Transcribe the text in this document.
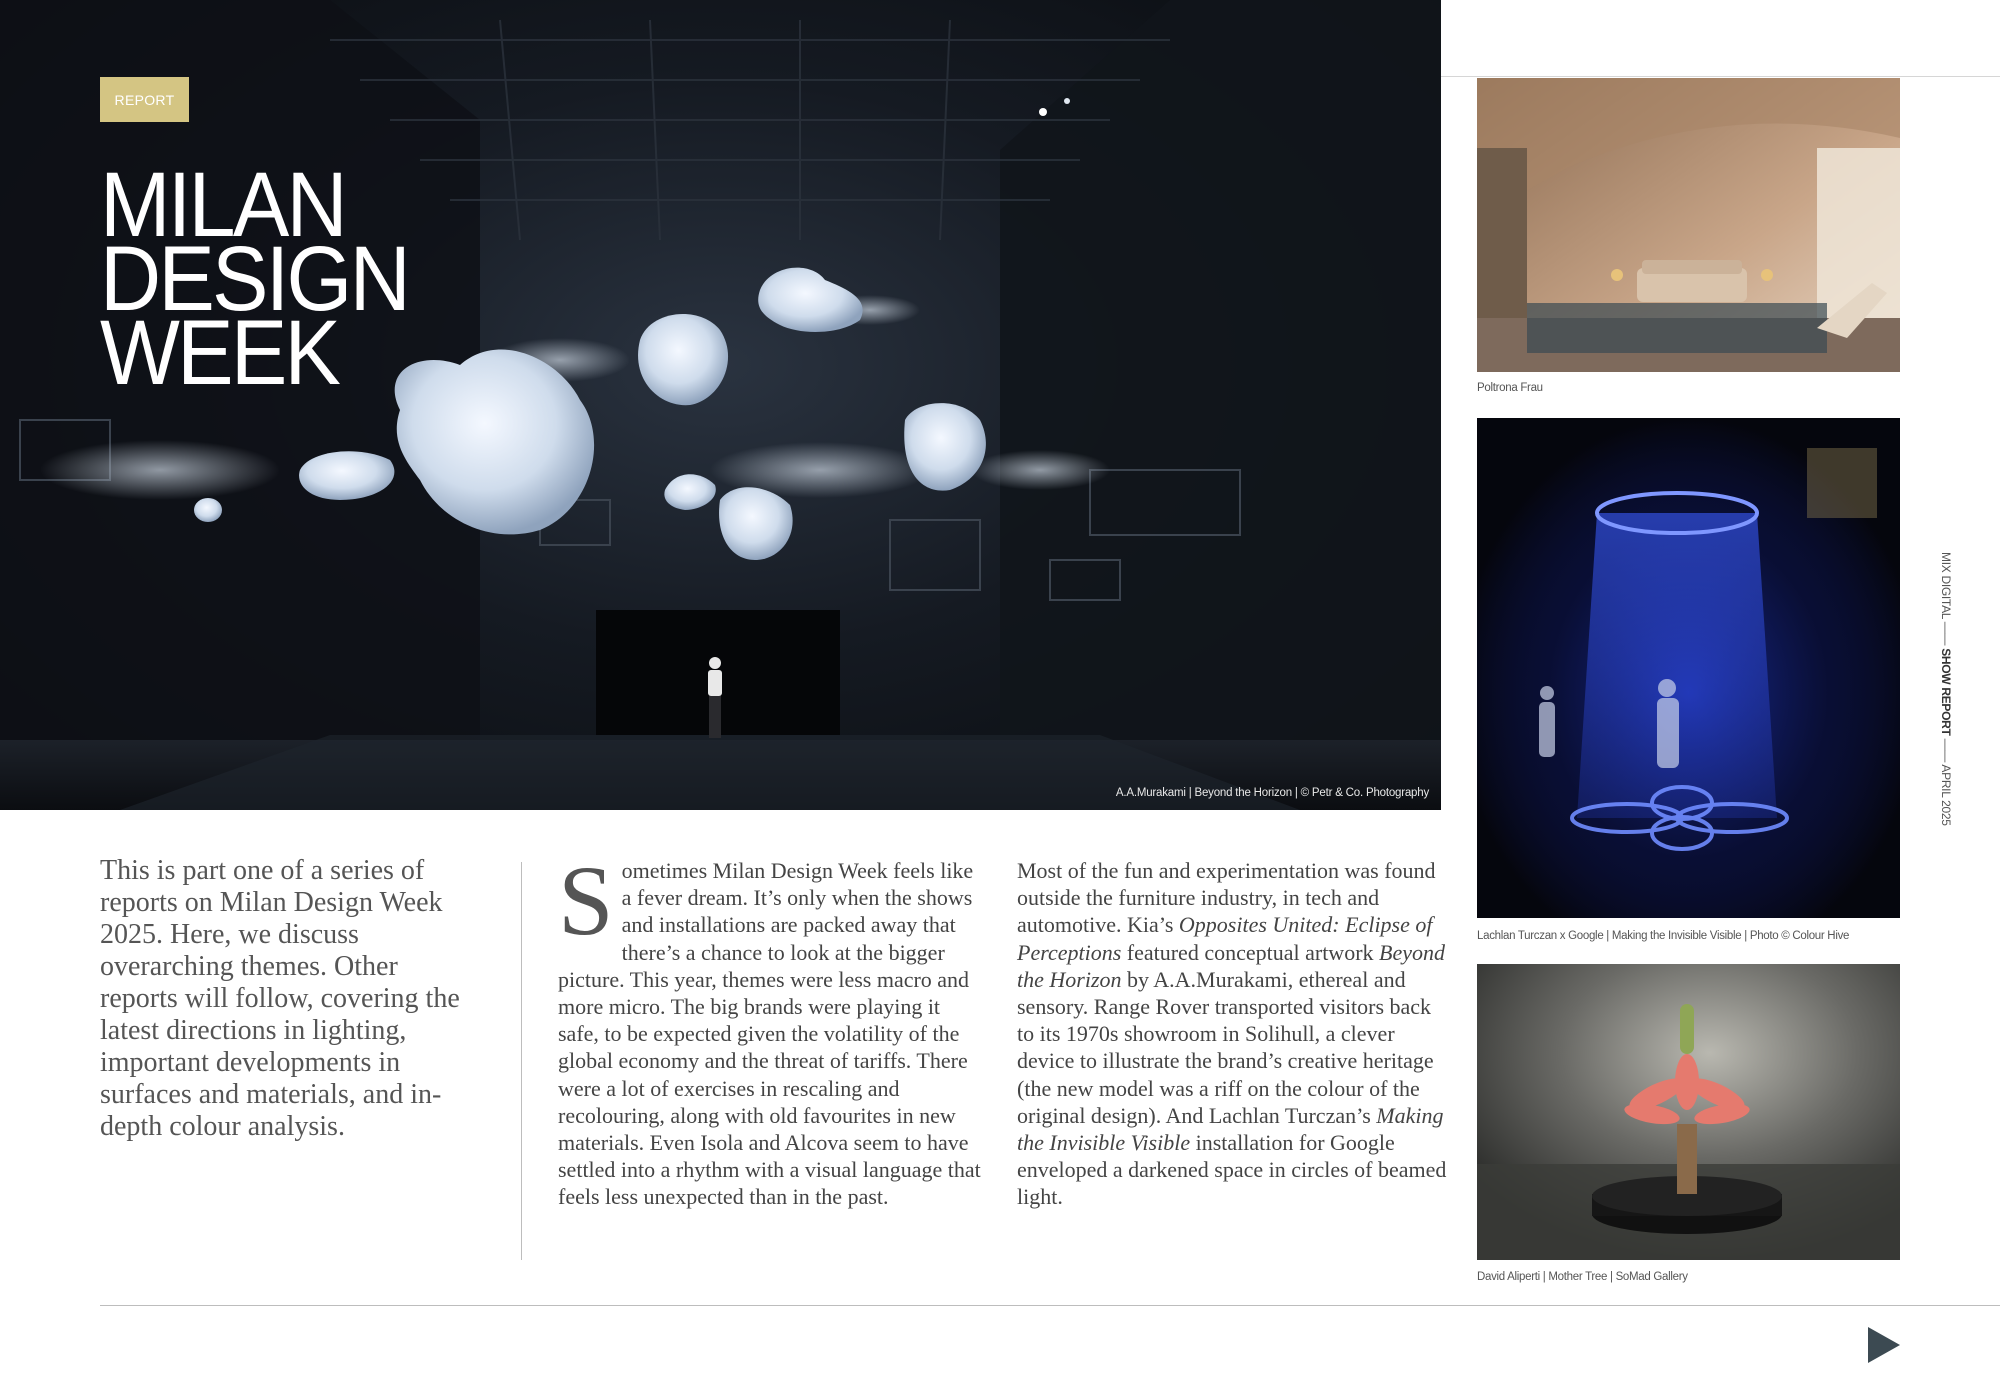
REPORT
MILAN
DESIGN
WEEK
A.A.Murakami | Beyond the Horizon | © Petr & Co. Photography
Poltrona Frau
Lachlan Turczan x Google | Making the Invisible Visible | Photo © Colour Hive
David Aliperti | Mother Tree | SoMad Gallery

This is part one of a series of reports on Milan Design Week 2025. Here, we discuss overarching themes. Other reports will follow, covering the latest directions in lighting, important developments in surfaces and materials, and in-depth colour analysis.

Sometimes Milan Design Week feels like a fever dream. It’s only when the shows and installations are packed away that there’s a chance to look at the bigger picture. This year, themes were less macro and more micro. The big brands were playing it safe, to be expected given the volatility of the global economy and the threat of tariffs. There were a lot of exercises in rescaling and recolouring, along with old favourites in new materials. Even Isola and Alcova seem to have settled into a rhythm with a visual language that feels less unexpected than in the past.

Most of the fun and experimentation was found outside the furniture industry, in tech and automotive. Kia’s Opposites United: Eclipse of Perceptions featured conceptual artwork Beyond the Horizon by A.A.Murakami, ethereal and sensory. Range Rover transported visitors back to its 1970s showroom in Solihull, a clever device to illustrate the brand’s creative heritage (the new model was a riff on the colour of the original design). And Lachlan Turczan’s Making the Invisible Visible installation for Google enveloped a darkened space in circles of beamed light.

MIX DIGITAL —— SHOW REPORT —— APRIL 2025
